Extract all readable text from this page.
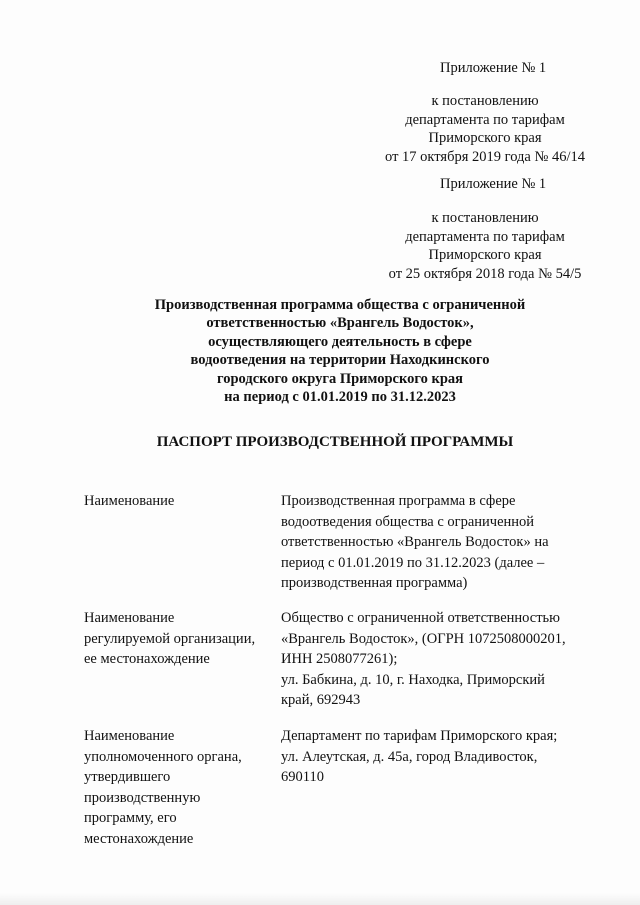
Приложение № 1
к постановлению
департамента по тарифам
Приморского края
от 17 октября 2019 года № 46/14
Приложение № 1
к постановлению
департамента по тарифам
Приморского края
от 25 октября 2018 года № 54/5
Производственная программа общества с ограниченной
ответственностью «Врангель Водосток»,
осуществляющего деятельность в сфере
водоотведения на территории Находкинского
городского округа Приморского края
на период с 01.01.2019 по 31.12.2023
ПАСПОРТ ПРОИЗВОДСТВЕННОЙ ПРОГРАММЫ
Наименование	Производственная программа в сфере
водоотведения общества с ограниченной
ответственностью «Врангель Водосток» на
период с 01.01.2019 по 31.12.2023 (далее –
производственная программа)
Наименование
регулируемой организации,
ее местонахождение
Общество с ограниченной ответственностью
«Врангель Водосток», (ОГРН 1072508000201,
ИНН 2508077261);
ул. Бабкина, д. 10, г. Находка, Приморский
край, 692943
Наименование
уполномоченного органа,
утвердившего
производственную
программу, его
местонахождение
Департамент по тарифам Приморского края;
ул. Алеутская, д. 45а, город Владивосток,
690110
